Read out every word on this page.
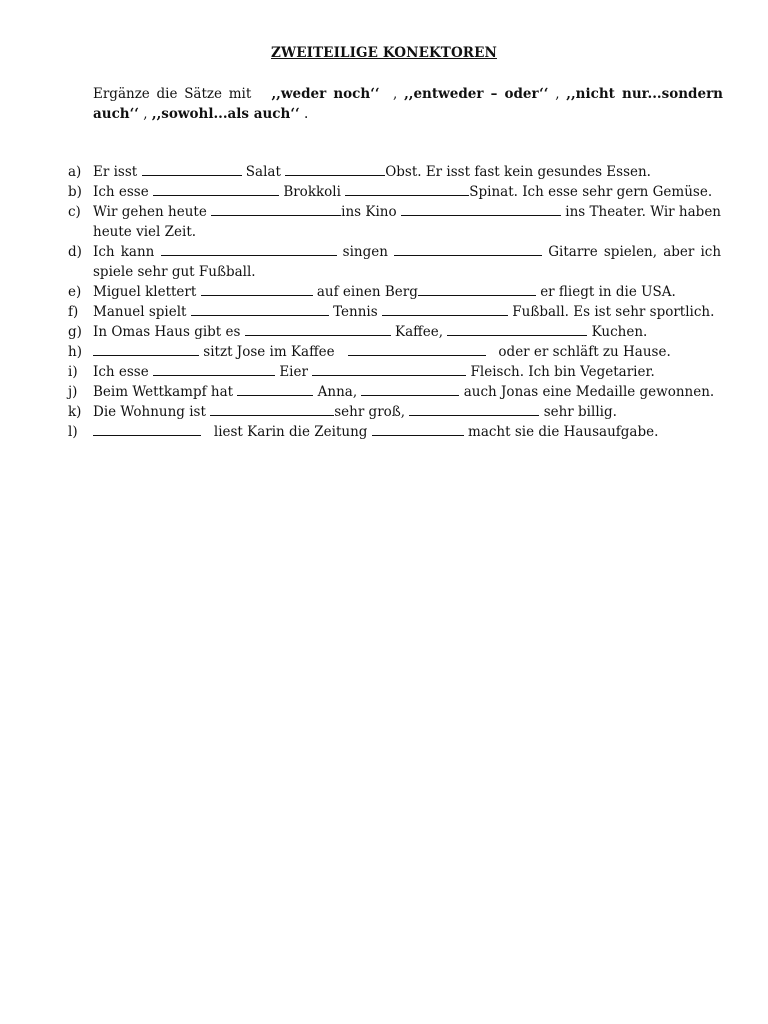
ZWEITEILIGE KONEKTOREN
Ergänze die Sätze mit ,,weder noch‘‘  , ,,entweder – oder‘‘ , ,,nicht nur...sondern auch‘‘ , ,,sowohl...als auch‘‘ .
a) Er isst	Salat	Obst. Er isst fast kein gesundes Essen.
b) Ich esse	Brokkoli	Spinat. Ich esse sehr gern Gemüse.
c) Wir gehen heute	ins Kino	ins Theater. Wir haben heute viel Zeit.
d) Ich kann	singen	Gitarre spielen, aber ich spiele sehr gut Fußball.
e) Miguel klettert	auf einen Berg	er fliegt in die USA.
f) Manuel spielt	Tennis	Fußball. Es ist sehr sportlich.
g) In Omas Haus gibt es	Kaffee,	Kuchen.
h)	sitzt Jose im Kaffee	oder er schläft zu Hause.
i) Ich esse	Eier	Fleisch. Ich bin Vegetarier.
j) Beim Wettkampf hat	Anna,	auch Jonas eine Medaille gewonnen.
k) Die Wohnung ist	sehr groß,	sehr billig.
l)	liest Karin die Zeitung	macht sie die Hausaufgabe.
